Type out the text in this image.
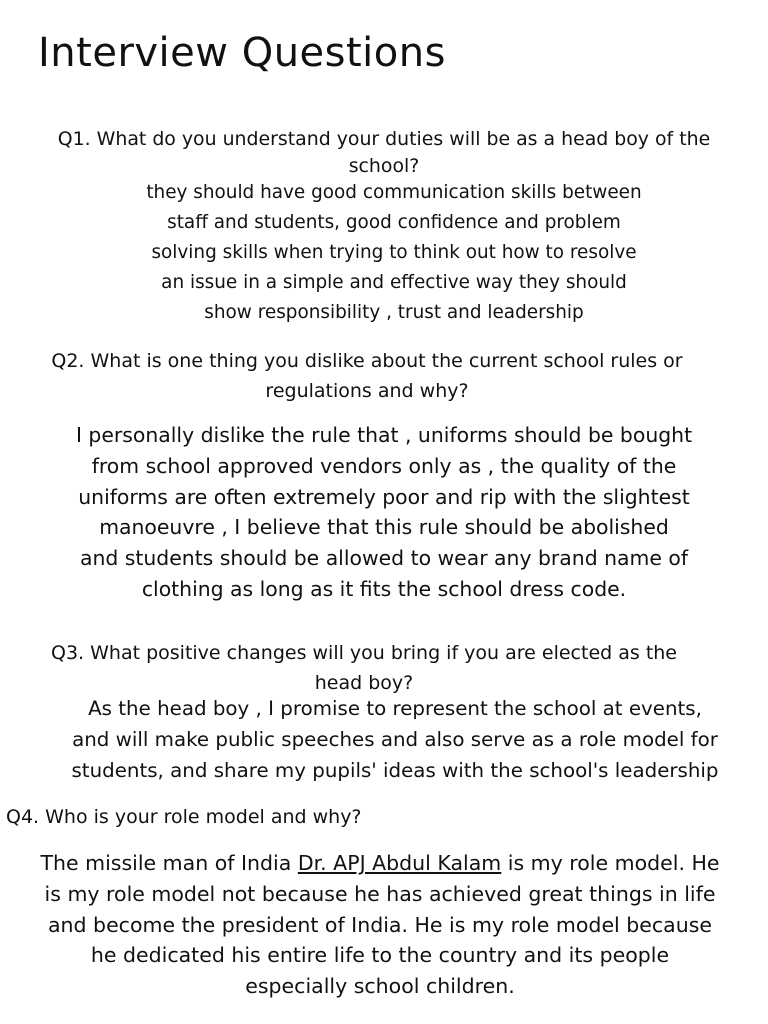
Interview Questions
Q1. What do you understand your duties will be as a head boy of the
school?
they should have good communication skills between
staff and students, good confidence and problem
solving skills when trying to think out how to resolve
an issue in a simple and effective way they should
show responsibility , trust and leadership
Q2. What is one thing you dislike about the current school rules or
regulations and why?
I personally dislike the rule that , uniforms should be bought
from school approved vendors only as , the quality of the
uniforms are often extremely poor and rip with the slightest
manoeuvre , I believe that this rule should be abolished
and students should be allowed to wear any brand name of
clothing as long as it fits the school dress code.
Q3. What positive changes will you bring if you are elected as the
head boy?
As the head boy , I promise to represent the school at events,
and will make public speeches and also serve as a role model for
students, and share my pupils' ideas with the school's leadership
Q4. Who is your role model and why?
The missile man of India Dr. APJ Abdul Kalam is my role model. He
is my role model not because he has achieved great things in life
and become the president of India. He is my role model because
he dedicated his entire life to the country and its people
especially school children.
